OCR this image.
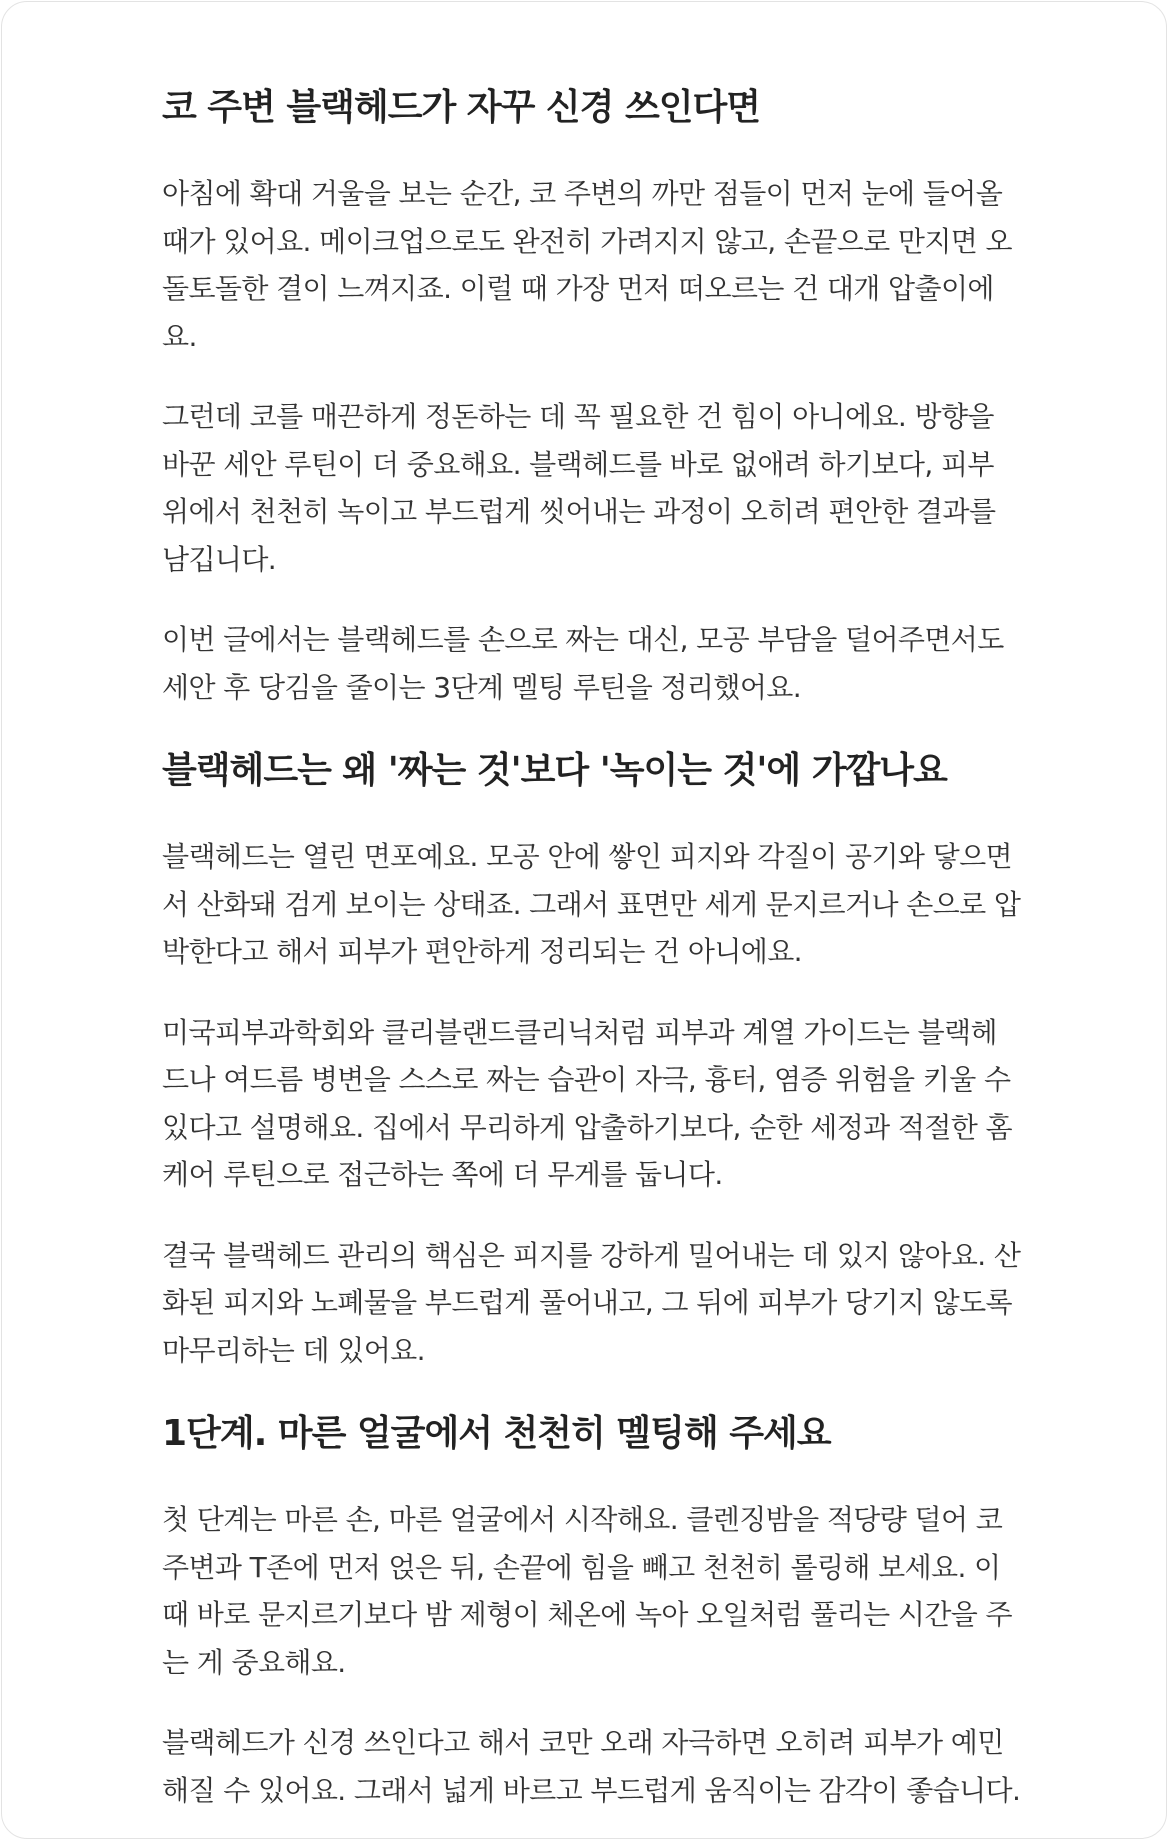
코 주변 블랙헤드가 자꾸 신경 쓰인다면

아침에 확대 거울을 보는 순간, 코 주변의 까만 점들이 먼저 눈에 들어올 때가 있어요. 메이크업으로도 완전히 가려지지 않고, 손끝으로 만지면 오돌토돌한 결이 느껴지죠. 이럴 때 가장 먼저 떠오르는 건 대개 압출이에요.

그런데 코를 매끈하게 정돈하는 데 꼭 필요한 건 힘이 아니에요. 방향을 바꾼 세안 루틴이 더 중요해요. 블랙헤드를 바로 없애려 하기보다, 피부 위에서 천천히 녹이고 부드럽게 씻어내는 과정이 오히려 편안한 결과를 남깁니다.

이번 글에서는 블랙헤드를 손으로 짜는 대신, 모공 부담을 덜어주면서도 세안 후 당김을 줄이는 3단계 멜팅 루틴을 정리했어요.

블랙헤드는 왜 '짜는 것'보다 '녹이는 것'에 가깝나요

블랙헤드는 열린 면포예요. 모공 안에 쌓인 피지와 각질이 공기와 닿으면서 산화돼 검게 보이는 상태죠. 그래서 표면만 세게 문지르거나 손으로 압박한다고 해서 피부가 편안하게 정리되는 건 아니에요.

미국피부과학회와 클리블랜드클리닉처럼 피부과 계열 가이드는 블랙헤드나 여드름 병변을 스스로 짜는 습관이 자극, 흉터, 염증 위험을 키울 수 있다고 설명해요. 집에서 무리하게 압출하기보다, 순한 세정과 적절한 홈케어 루틴으로 접근하는 쪽에 더 무게를 둡니다.

결국 블랙헤드 관리의 핵심은 피지를 강하게 밀어내는 데 있지 않아요. 산화된 피지와 노폐물을 부드럽게 풀어내고, 그 뒤에 피부가 당기지 않도록 마무리하는 데 있어요.

1단계. 마른 얼굴에서 천천히 멜팅해 주세요

첫 단계는 마른 손, 마른 얼굴에서 시작해요. 클렌징밤을 적당량 덜어 코 주변과 T존에 먼저 얹은 뒤, 손끝에 힘을 빼고 천천히 롤링해 보세요. 이때 바로 문지르기보다 밤 제형이 체온에 녹아 오일처럼 풀리는 시간을 주는 게 중요해요.

블랙헤드가 신경 쓰인다고 해서 코만 오래 자극하면 오히려 피부가 예민해질 수 있어요. 그래서 넓게 바르고 부드럽게 움직이는 감각이 좋습니다.
